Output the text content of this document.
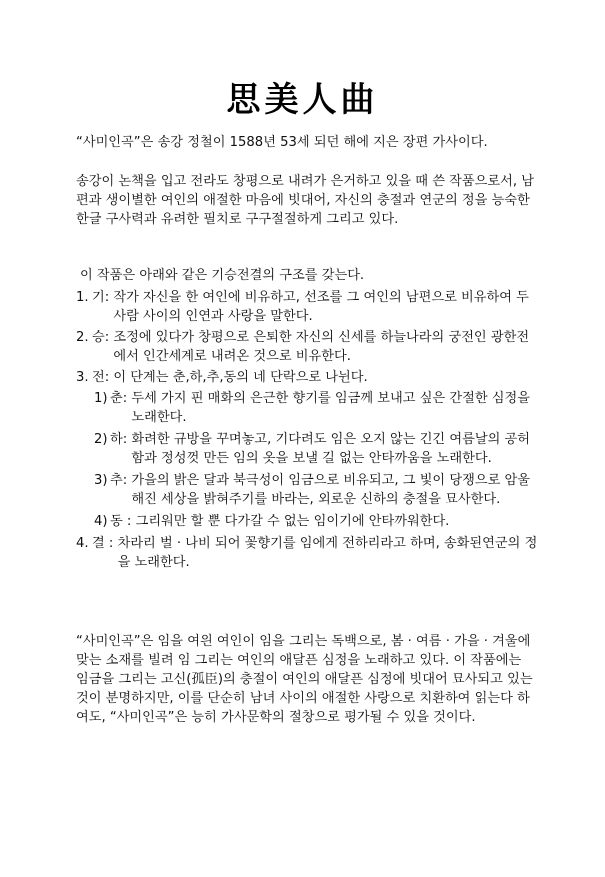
思美人曲

“사미인곡”은 송강 정철이 1588년 53세 되던 해에 지은 장편 가사이다.

송강이 논책을 입고 전라도 창평으로 내려가 은거하고 있을 때 쓴 작품으로서, 남편과 생이별한 여인의 애절한 마음에 빗대어, 자신의 충절과 연군의 정을 능숙한 한글 구사력과 유려한 필치로 구구절절하게 그리고 있다.

이 작품은 아래와 같은 기승전결의 구조를 갖는다.

1. 기: 작가 자신을 한 여인에 비유하고, 선조를 그 여인의 남편으로 비유하여 두 사람 사이의 인연과 사랑을 말한다.
2. 승: 조정에 있다가 창평으로 은퇴한 자신의 신세를 하늘나라의 궁전인 광한전에서 인간세계로 내려온 것으로 비유한다.
3. 전: 이 단계는 춘,하,추,동의 네 단락으로 나뉜다.
1) 춘: 두세 가지 핀 매화의 은근한 향기를 임금께 보내고 싶은 간절한 심정을 노래한다.
2) 하: 화려한 규방을 꾸며놓고, 기다려도 임은 오지 않는 긴긴 여름날의 공허함과 정성껏 만든 임의 옷을 보낼 길 없는 안타까움을 노래한다.
3) 추: 가을의 밝은 달과 북극성이 임금으로 비유되고, 그 빛이 당쟁으로 암울해진 세상을 밝혀주기를 바라는, 외로운 신하의 충절을 묘사한다.
4) 동 : 그리워만 할 뿐 다가갈 수 없는 임이기에 안타까워한다.
4. 결 : 차라리 벌 · 나비 되어 꽃향기를 임에게 전하리라고 하며, 송화된연군의 정을 노래한다.

“사미인곡”은 임을 여읜 여인이 임을 그리는 독백으로, 봄 · 여름 · 가을 · 겨울에 맞는 소재를 빌려 임 그리는 여인의 애달픈 심정을 노래하고 있다. 이 작품에는 임금을 그리는 고신(孤臣)의 충절이 여인의 애달픈 심정에 빗대어 묘사되고 있는 것이 분명하지만, 이를 단순히 남녀 사이의 애절한 사랑으로 치환하여 읽는다 하여도, “사미인곡”은 능히 가사문학의 절창으로 평가될 수 있을 것이다.
